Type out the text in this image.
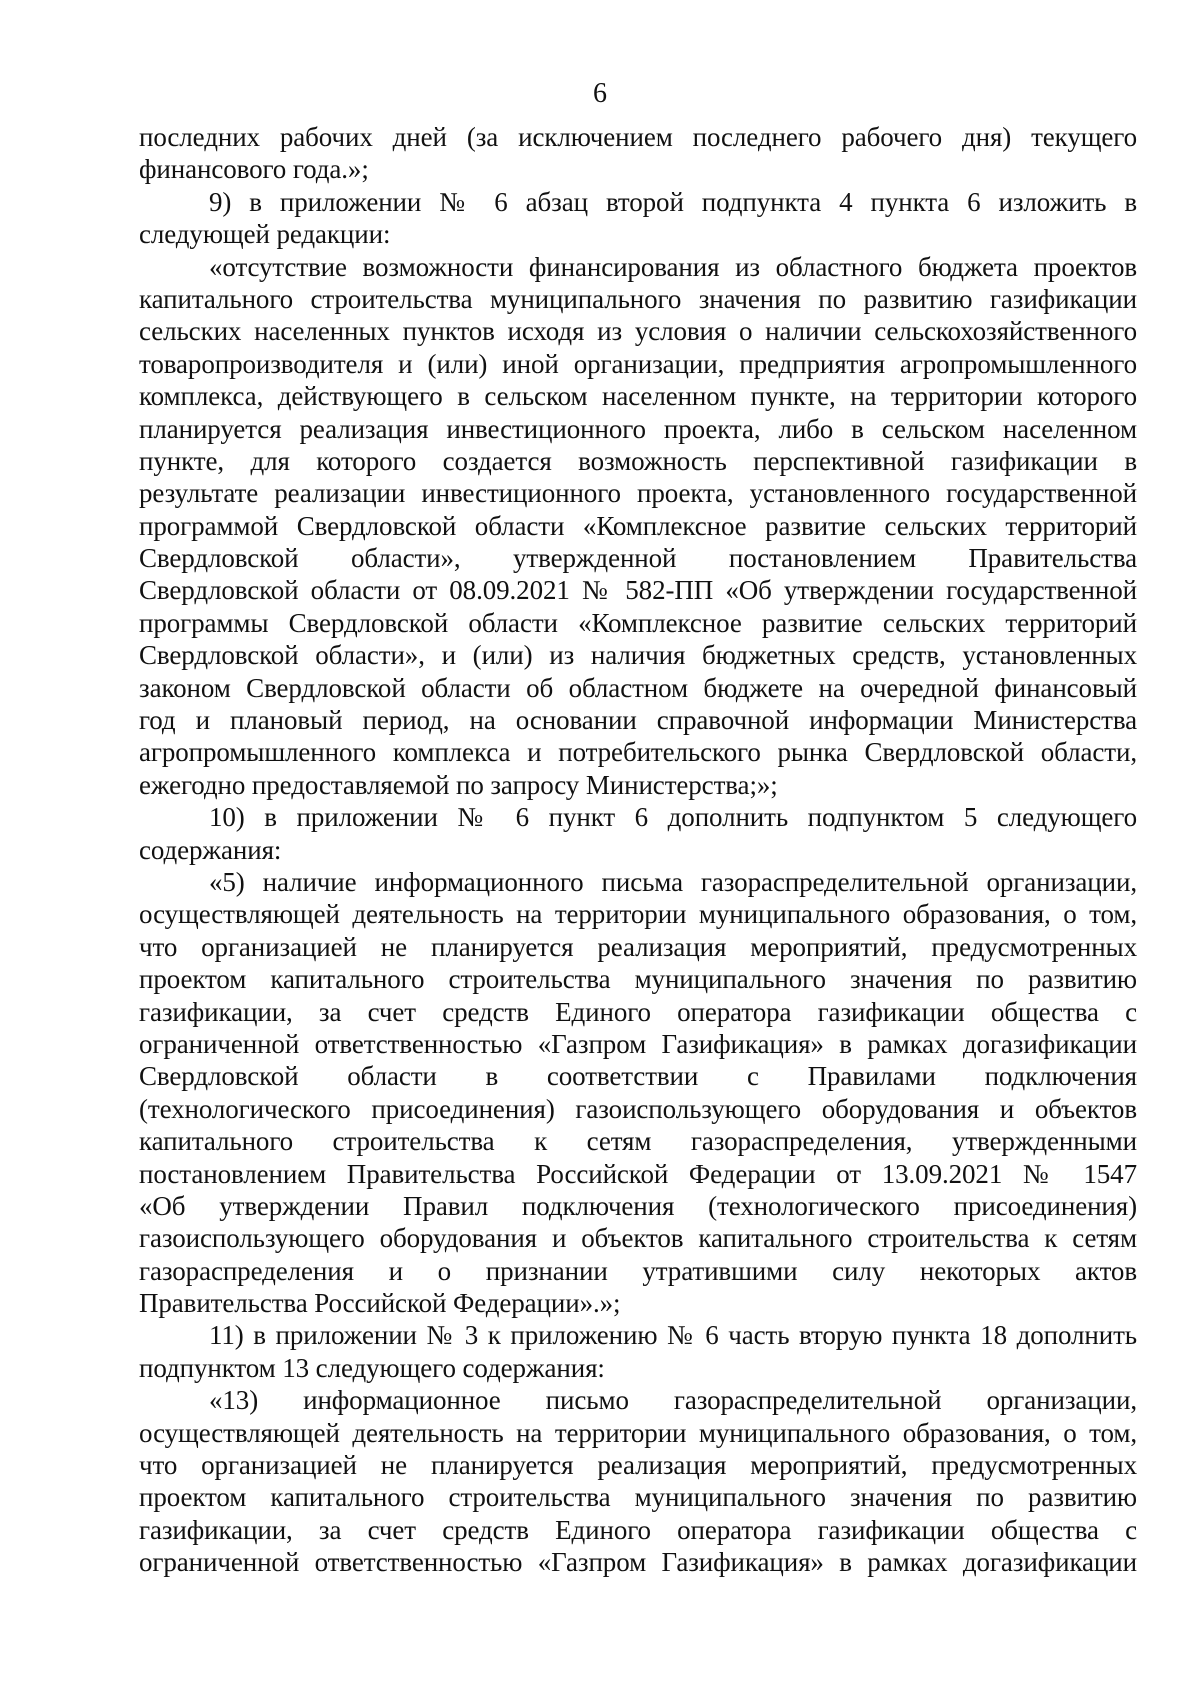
6
последних рабочих дней (за исключением последнего рабочего дня) текущего
финансового года.»;
9) в приложении № 6 абзац второй подпункта 4 пункта 6 изложить в
следующей редакции:
«отсутствие возможности финансирования из областного бюджета проектов
капитального строительства муниципального значения по развитию газификации
сельских населенных пунктов исходя из условия о наличии сельскохозяйственного
товаропроизводителя и (или) иной организации, предприятия агропромышленного
комплекса, действующего в сельском населенном пункте, на территории которого
планируется реализация инвестиционного проекта, либо в сельском населенном
пункте, для которого создается возможность перспективной газификации в
результате реализации инвестиционного проекта, установленного государственной
программой Свердловской области «Комплексное развитие сельских территорий
Свердловской области», утвержденной постановлением Правительства
Свердловской области от 08.09.2021 № 582-ПП «Об утверждении государственной
программы Свердловской области «Комплексное развитие сельских территорий
Свердловской области», и (или) из наличия бюджетных средств, установленных
законом Свердловской области об областном бюджете на очередной финансовый
год и плановый период, на основании справочной информации Министерства
агропромышленного комплекса и потребительского рынка Свердловской области,
ежегодно предоставляемой по запросу Министерства;»;
10) в приложении № 6 пункт 6 дополнить подпунктом 5 следующего
содержания:
«5) наличие информационного письма газораспределительной организации,
осуществляющей деятельность на территории муниципального образования, о том,
что организацией не планируется реализация мероприятий, предусмотренных
проектом капитального строительства муниципального значения по развитию
газификации, за счет средств Единого оператора газификации общества с
ограниченной ответственностью «Газпром Газификация» в рамках догазификации
Свердловской области в соответствии с Правилами подключения
(технологического присоединения) газоиспользующего оборудования и объектов
капитального строительства к сетям газораспределения, утвержденными
постановлением Правительства Российской Федерации от 13.09.2021 № 1547
«Об утверждении Правил подключения (технологического присоединения)
газоиспользующего оборудования и объектов капитального строительства к сетям
газораспределения и о признании утратившими силу некоторых актов
Правительства Российской Федерации».»;
11) в приложении № 3 к приложению № 6 часть вторую пункта 18 дополнить
подпунктом 13 следующего содержания:
«13) информационное письмо газораспределительной организации,
осуществляющей деятельность на территории муниципального образования, о том,
что организацией не планируется реализация мероприятий, предусмотренных
проектом капитального строительства муниципального значения по развитию
газификации, за счет средств Единого оператора газификации общества с
ограниченной ответственностью «Газпром Газификация» в рамках догазификации
